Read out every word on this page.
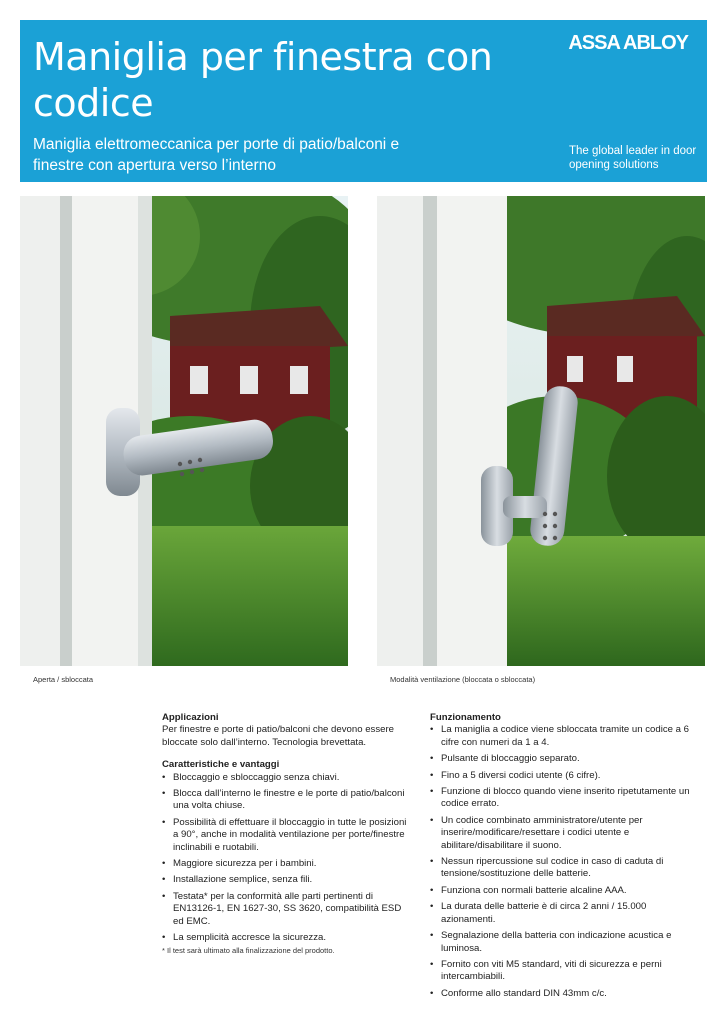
Maniglia per finestra con codice
ASSA ABLOY

Maniglia elettromeccanica per porte di patio/balconi e finestre con apertura verso l’interno

The global leader in door opening solutions

Aperta / sbloccata	Modalità ventilazione (bloccata o sbloccata)
Applicazioni

Per finestre e porte di patio/balconi che devono essere bloccate solo dall’interno. Tecnologia brevettata.

Caratteristiche e vantaggi
• Bloccaggio e sbloccaggio senza chiavi.
• Blocca dall’interno le finestre e le porte di patio/balconi una volta chiuse.
• Possibilità di effettuare il bloccaggio in tutte le posizioni a 90°, anche in modalità ventilazione per porte/finestre inclinabili e ruotabili.
• Maggiore sicurezza per i bambini.
• Installazione semplice, senza fili.
• Testata* per la conformità alle parti pertinenti di EN13126-1, EN 1627-30, SS 3620, compatibilità ESD ed EMC.
• La semplicità accresce la sicurezza.
* Il test sarà ultimato alla finalizzazione del prodotto.
Funzionamento
• La maniglia a codice viene sbloccata tramite un codice a 6 cifre con numeri da 1 a 4.
• Pulsante di bloccaggio separato.
• Fino a 5 diversi codici utente (6 cifre).
• Funzione di blocco quando viene inserito ripetutamente un codice errato.
• Un codice combinato amministratore/utente per inserire/modificare/resettare i codici utente e abilitare/disabilitare il suono.
• Nessun ripercussione sul codice in caso di caduta di tensione/sostituzione delle batterie.
• Funziona con normali batterie alcaline AAA.
• La durata delle batterie è di circa 2 anni / 15.000 azionamenti.
• Segnalazione della batteria con indicazione acustica e luminosa.
• Fornito con viti M5 standard, viti di sicurezza e perni intercambiabili.
• Conforme allo standard DIN 43mm c/c.
